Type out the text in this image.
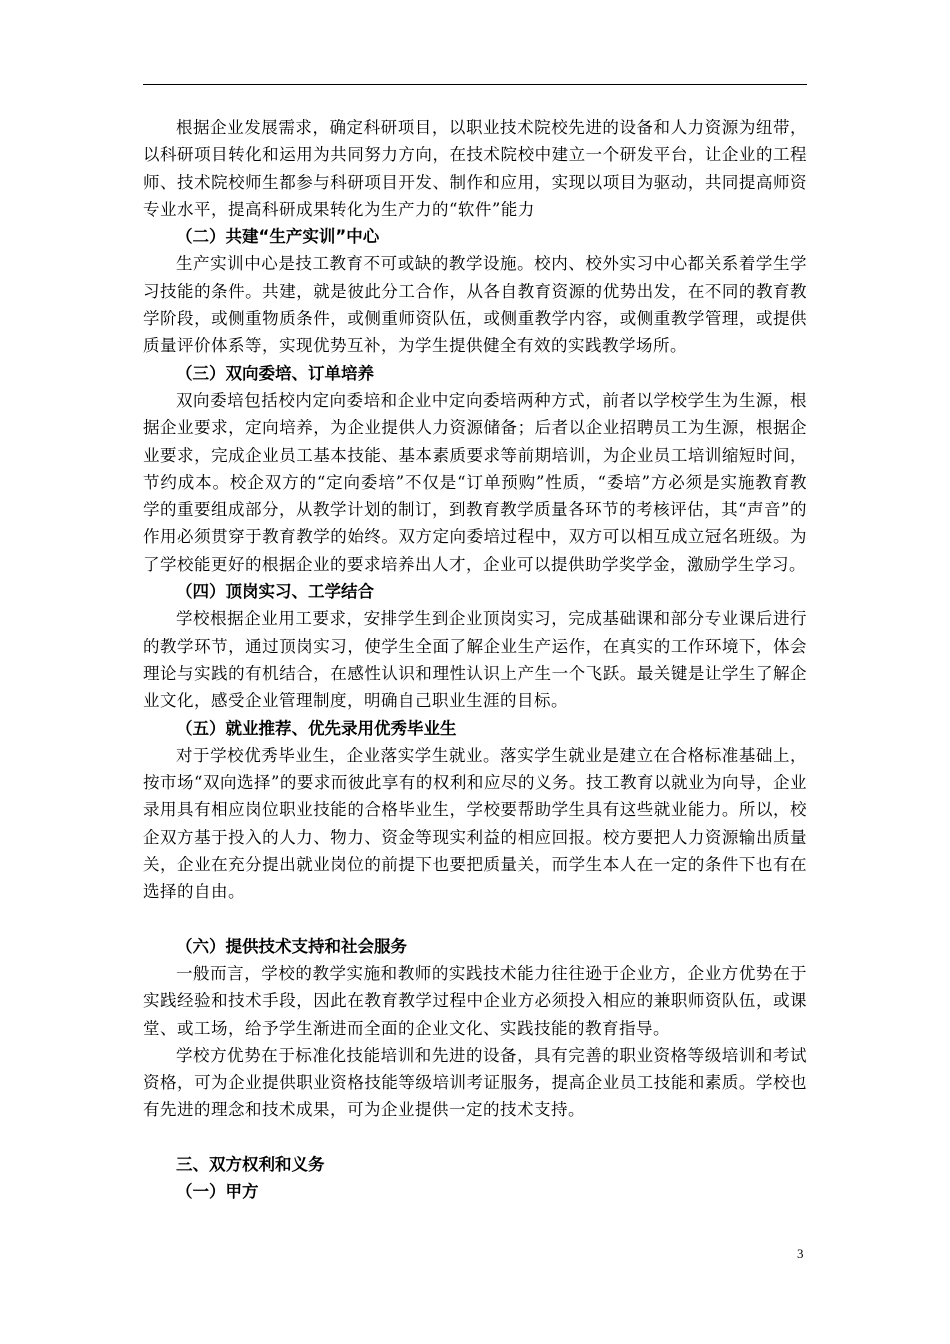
根据企业发展需求，确定科研项目，以职业技术院校先进的设备和人力资源为纽带，以科研项目转化和运用为共同努力方向，在技术院校中建立一个研发平台，让企业的工程师、技术院校师生都参与科研项目开发、制作和应用，实现以项目为驱动，共同提高师资专业水平，提高科研成果转化为生产力的“软件”能力

（二）共建“生产实训”中心

生产实训中心是技工教育不可或缺的教学设施。校内、校外实习中心都关系着学生学习技能的条件。共建，就是彼此分工合作，从各自教育资源的优势出发，在不同的教育教学阶段，或侧重物质条件，或侧重师资队伍，或侧重教学内容，或侧重教学管理，或提供质量评价体系等，实现优势互补，为学生提供健全有效的实践教学场所。

（三）双向委培、订单培养

双向委培包括校内定向委培和企业中定向委培两种方式，前者以学校学生为生源，根据企业要求，定向培养，为企业提供人力资源储备；后者以企业招聘员工为生源，根据企业要求，完成企业员工基本技能、基本素质要求等前期培训，为企业员工培训缩短时间，节约成本。校企双方的“定向委培”不仅是“订单预购”性质，“委培”方必须是实施教育教学的重要组成部分，从教学计划的制订，到教育教学质量各环节的考核评估，其“声音”的作用必须贯穿于教育教学的始终。双方定向委培过程中，双方可以相互成立冠名班级。为了学校能更好的根据企业的要求培养出人才，企业可以提供助学奖学金，激励学生学习。

（四）顶岗实习、工学结合

学校根据企业用工要求，安排学生到企业顶岗实习，完成基础课和部分专业课后进行的教学环节，通过顶岗实习，使学生全面了解企业生产运作，在真实的工作环境下，体会理论与实践的有机结合，在感性认识和理性认识上产生一个飞跃。最关键是让学生了解企业文化，感受企业管理制度，明确自己职业生涯的目标。

（五）就业推荐、优先录用优秀毕业生

对于学校优秀毕业生，企业落实学生就业。落实学生就业是建立在合格标准基础上，按市场“双向选择”的要求而彼此享有的权利和应尽的义务。技工教育以就业为向导，企业录用具有相应岗位职业技能的合格毕业生，学校要帮助学生具有这些就业能力。所以，校企双方基于投入的人力、物力、资金等现实利益的相应回报。校方要把人力资源输出质量关，企业在充分提出就业岗位的前提下也要把质量关，而学生本人在一定的条件下也有在选择的自由。

（六）提供技术支持和社会服务

一般而言，学校的教学实施和教师的实践技术能力往往逊于企业方，企业方优势在于实践经验和技术手段，因此在教育教学过程中企业方必须投入相应的兼职师资队伍，或课堂、或工场，给予学生渐进而全面的企业文化、实践技能的教育指导。

学校方优势在于标准化技能培训和先进的设备，具有完善的职业资格等级培训和考试资格，可为企业提供职业资格技能等级培训考证服务，提高企业员工技能和素质。学校也有先进的理念和技术成果，可为企业提供一定的技术支持。

三、双方权利和义务

（一）甲方

3
